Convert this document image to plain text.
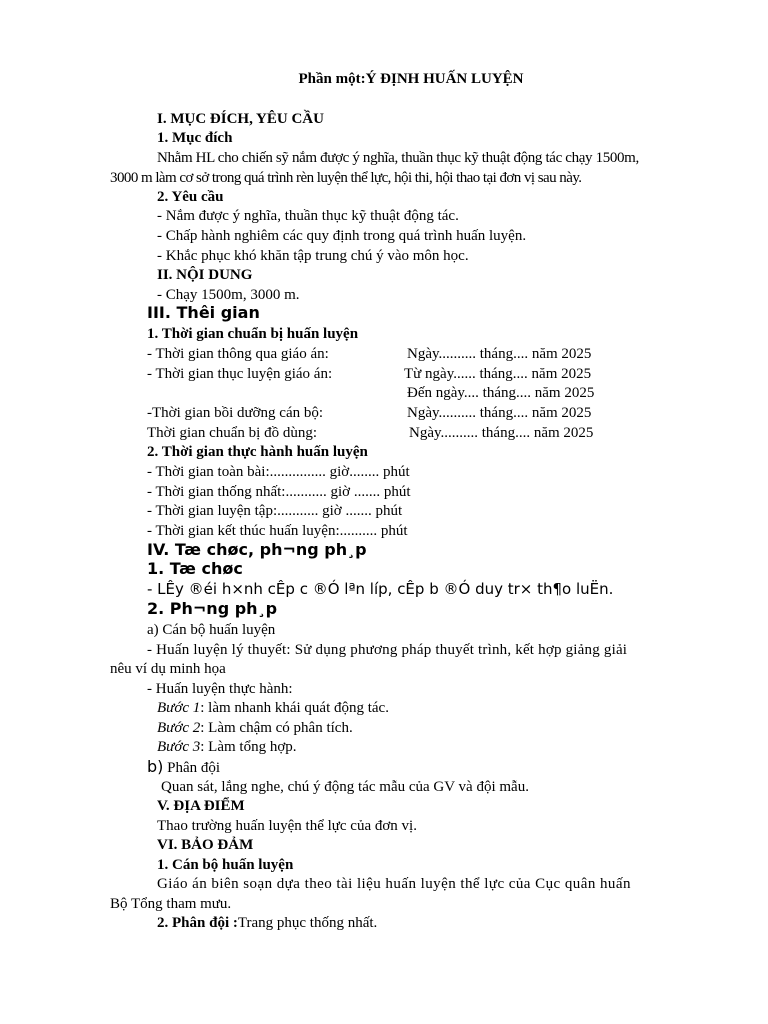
Phần một:Ý ĐỊNH HUẤN LUYỆN
I. MỤC ĐÍCH, YÊU CẦU
1. Mục đích
Nhằm HL cho chiến sỹ nắm được ý nghĩa, thuần thục kỹ thuật động tác chạy 1500m,
3000 m làm cơ sở trong quá trình rèn luyện thể lực, hội thi, hội thao tại đơn vị sau này.
2. Yêu cầu
- Nắm được ý nghĩa, thuần thục kỹ thuật động tác.
- Chấp hành nghiêm các quy định trong quá trình huấn luyện.
- Khắc phục khó khăn tập trung chú ý vào môn học.
II. NỘI DUNG
- Chạy 1500m, 3000 m.
III. Thêi gian
1. Thời gian chuẩn bị huấn luyện
- Thời gian thông qua giáo án:	Ngày.......... tháng.... năm 2025
- Thời gian thục luyện giáo án:	Từ ngày...... tháng.... năm 2025
Đến ngày.... tháng.... năm 2025
-Thời gian bồi dưỡng cán bộ:	Ngày.......... tháng.... năm 2025
Thời gian chuẩn bị đồ dùng:	Ngày.......... tháng.... năm 2025
2. Thời gian thực hành huấn luyện
- Thời gian toàn bài:............... giờ........ phút
- Thời gian thống nhất:........... giờ ....... phút
- Thời gian luyện tập:........... giờ ....... phút
- Thời gian kết thúc huấn luyện:.......... phút
IV. Tæ chøc, ph¬ng ph¸p
1. Tæ chøc
- LÊy ®éi h×nh cÊp c ®Ó lªn líp, cÊp b ®Ó duy tr× th¶o luËn.
2. Ph¬ng ph¸p
a) Cán bộ huấn luyện
- Huấn luyện lý thuyết: Sử dụng phương pháp thuyết trình, kết hợp giảng giải
nêu ví dụ minh họa
- Huấn luyện thực hành:
Bước 1: làm nhanh khái quát động tác.
Bước 2: Làm chậm có phân tích.
Bước 3: Làm tổng hợp.
b) Phân đội
Quan sát, lắng nghe, chú ý động tác mẫu của GV và đội mẫu.
V. ĐỊA ĐIỂM
Thao trường huấn luyện thể lực của đơn vị.
VI. BẢO ĐẢM
1. Cán bộ huấn luyện
Giáo án biên soạn dựa theo tài liệu huấn luyện thể lực của Cục quân huấn
Bộ Tổng tham mưu.
2. Phân đội :Trang phục thống nhất.
